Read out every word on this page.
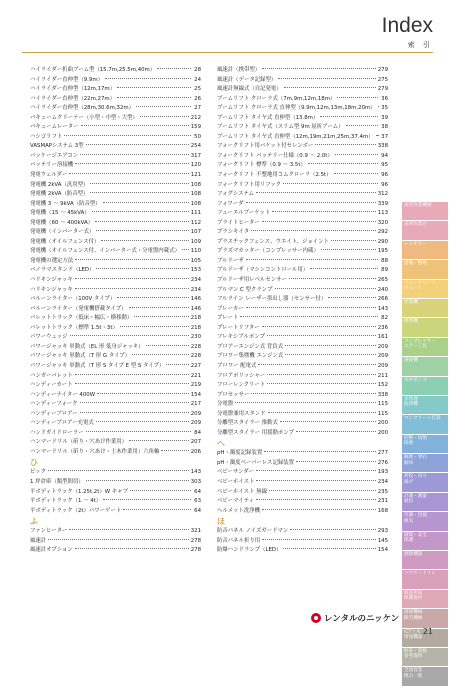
Index
索 引
ハイライダー折曲ブーム型（15.7m,25.5m,40m）	28
ハイライダー直伸型（9.9m）	24
ハイライダー直伸型（12m,17m）	25
ハイライダー直伸型（22m,27m）	26
ハイライダー直伸型（28m,30.6m,32m）	27
バキュームクリーナー（小型・中型・大型）	212
バキュームレーター	159
ハシゴリフト	50
VASMAPシステム 3型	254
パッケージエアコン	317
バッテリー溶接機	120
発電ウェルダー	121
発電機 2kVA（汎用型）	108
発電機 2kVA（防音型）	108
発電機 3 ～ 9kVA（防音型）	108
発電機（15 ～ 45kVA）	111
発電機（60 ～ 400kVA）	112
発電機（インバーター式）	107
発電機（オイルフェンス付）	109
発電機（オイルフェンス付、インバーター式・分電盤内蔵式） 110
発電機の選定方法	105
バノラマスタンド（LED）	153
ハリキンジャッキ	234
ハリキンジャッキ	234
バルーンライター（100V タイプ）	146
バルーンライター（発電機搭載タイプ）	146
パレットトラック（低床・幅広・横移動）	218
パレットトラック（標準 1.5t・3t）	218
パワーウェッジ	230
パワージャッキ 単動式（EL 形 低身ジャッキ）	228
パワージャッキ 単動式（T 形 G タイプ）	228
パワージャッキ 単動式（T 形 S タイプ E 型 S タイプ）	227
ハンガーバレット	221
ハンディーカート	219
ハンディーナイター 400W	154
ハンディーフォーク	217
ハンディーブロアー	209
ハンディーブロアー充電式	209
ハンドガイドローラー	84
ハンマードリル（斫り・穴あけ作業用）	207
ハンマードリル（斫り・穴あけ・土木作業用）六角軸	206
ひ
ピック	143
1 坪倉庫（類型間切）	303
平ボディトラック（1.25t,2t）W キャブ	64
平ボディトラック（1 ～ 4t）	63
平ボディトラック（2t）パワーゲート	64
ふ
ファンヒーター	321
風速計	278
風速計オプション	278
風速計（携帯型）	279
風速計（データ記録型）	275
風速計無線式（自記発電）	279
ブームリフト クローラ式（7m,9m,12m,18m）	36
ブームリフト クローラ式 直伸型（9.9m,12m,13m,18m,20m） 35
ブームリフト タイヤ式 直伸型（13.8m）	39
ブームリフト タイヤ式（スリム型 9m 屈折アーム）	38
ブームリフト タイヤ式 直伸型（12m,19m,21m,25m,37.4m） 37
フォークリフト用バケット付セレンボー	338
フォークリフト バッテリー仕様（0.9 ～ 2.0t）	94
フォークリフト 標準（0.9 ～ 3.5t）	95
フォークリフト 不整地用コムクローラ（2.5t）	96
フォークリフト用リフック	96
フォグシステム	312
フォワーダ	339
フューエルブーケット	113
ブライトヒーター	320
プラシキイタ	292
プラスチックフェンス、ウエイト、ジョイント	290
プラズマカッター（コンプレッサー内蔵）	195
ブルドーザ	88
ブルドーザ（マシンコントロール用）	89
ブルドーザ用レベルセンサー	265
ブルマン C 型クランプ	240
フルライン レーザー墨出し器（センサー付）	266
ブレーカー	143
プレート	82
プレートリフター	236
フレキシブルポンプ	161
ブロアーエンジン式 背負式	209
ブロワー集塵機 エンジン式	209
ブロワー 配電式	209
フロアポリッシャー	211
フローレンクリート	152
ブロセッサー	338
分電盤	115
分電盤兼用スタンド	115
分離型スタイラー 推動式	200
分離型スタイラー 用揺動ポンプ	200
へ
pH・濁度記録装置	277
pH・濁度ペーパーレス記録装置	276
ベビーサンダー	193
ベビーホイスト	234
ベビーホイスト 無線	235
ベビーマイティ	231
ヘルメット洗浄機	168
ほ
防音パネル ノイズガードマン	293
防音パネル折り用	145
防爆ハンドランプ（LED）	154
高所作業機械
高所作業台
レンタカー
運搬・整地
フォークリフト
クレーン
発電機
照明機
コンプレッサー
エアー工具
溶接機
水中ポンプ
水処理
洗浄機
コンクリート打設
切断・切削
研磨
掘削・穿孔
解体
荷役・吊り
揚げ
計測・測量
通信
空調・送風
換気
環境・安全
保護
測量機器
ハウス・トイレ
仮設用品
保護資材
清掃機械
除雪機械
ICT土木
情報機器
駐車・資格
参考資料
全国営業
拠点一覧
レンタルのニッケン
21
